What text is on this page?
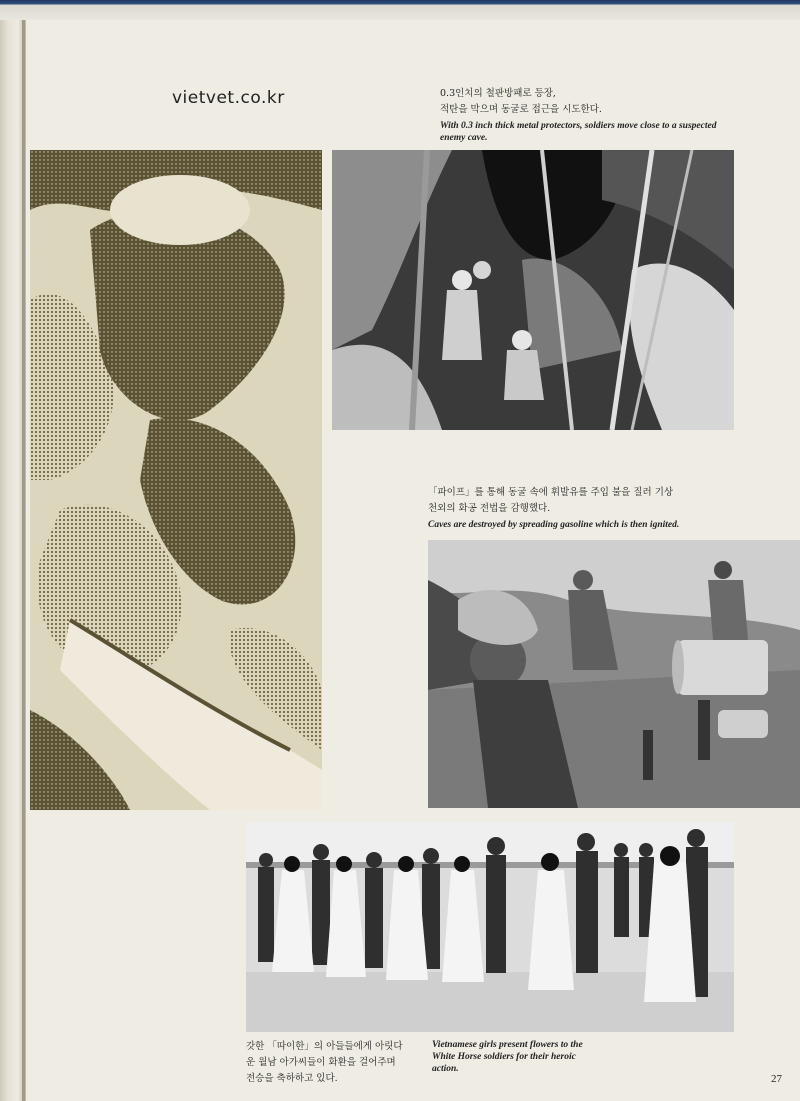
vietvet.co.kr	0.3인치의 철판방패로 등장,
적탄을 막으며 동굴로 접근을 시도한다.
With 0.3 inch thick metal protectors, soldiers move close to a suspected enemy cave.
「파이프」를 통해 동굴 속에 휘발유를 주입 불을 질러 기상
천외의 화공 전법을 감행했다.
Caves are destroyed by spreading gasoline which is then ignited.
갓한 「따이한」의 아들들에게 아릿다
운 월남 아가씨들이 화환을 걸어주며
전승을 축하하고 있다.
Vietnamese girls present flowers to the White Horse soldiers for their heroic action.
27
